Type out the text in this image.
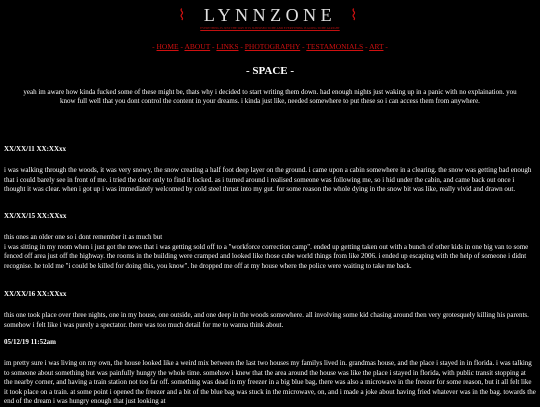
⌇ LYNNZONE ⌇
EVERYTHING IS JUST THE WAY IT IS SUPPOSED TO BE AND EVERYTHING IS GOING TO BE ALRIGHT
- HOME - ABOUT - LINKS - PHOTOGRAPHY - TESTAMONIALS - ART -
- SPACE -

yeah im aware how kinda fucked some of these might be, thats why i decided to start writing them down. had enough nights just waking up in a panic with no explaination. you know full well that you dont control the content in your dreams. i kinda just like, needed somewhere to put these so i can access them from anywhere.

XX/XX/11 XX:XXxx

i was walking through the woods, it was very snowy, the snow creating a half foot deep layer on the ground. i came upon a cabin somewhere in a clearing. the snow was getting bad enough that i could barely see in front of me. i tried the door only to find it locked. as i turned around i realised someone was following me, so i hid under the cabin, and came back out once i thought it was clear. when i got up i was immediately welcomed by cold steel thrust into my gut. for some reason the whole dying in the snow bit was like, really vivid and drawn out.

XX/XX/15 XX:XXxx

this ones an older one so i dont remember it as much but

i was sitting in my room when i just got the news that i was getting sold off to a "workforce correction camp". ended up getting taken out with a bunch of other kids in one big van to some fenced off area just off the highway. the rooms in the building were cramped and looked like those cube world things from like 2006. i ended up escaping with the help of someone i didnt recognise. he told me "i could be killed for doing this, you know". he dropped me off at my house where the police were waiting to take me back.

XX/XX/16 XX:XXxx

this one took place over three nights, one in my house, one outside, and one deep in the woods somewhere. all involving some kid chasing around then very grotesquely killing his parents. somehow i felt like i was purely a spectator. there was too much detail for me to wanna think about.

05/12/19 11:52am

im pretty sure i was living on my own, the house looked like a weird mix between the last two houses my familys lived in. grandmas house, and the place i stayed in in florida. i was talking to someone about something but was painfully hungry the whole time. somehow i knew that the area around the house was like the place i stayed in florida, with public transit stopping at the nearby corner, and having a train station not too far off. something was dead in my freezer in a big blue bag, there was also a microwave in the freezer for some reason, but it all felt like it took place on a train. at some point i opened the freezer and a bit of the blue bag was stuck in the microwave, on, and i made a joke about having fried whatever was in the bag. towards the end of the dream i was hungry enough that just looking at
